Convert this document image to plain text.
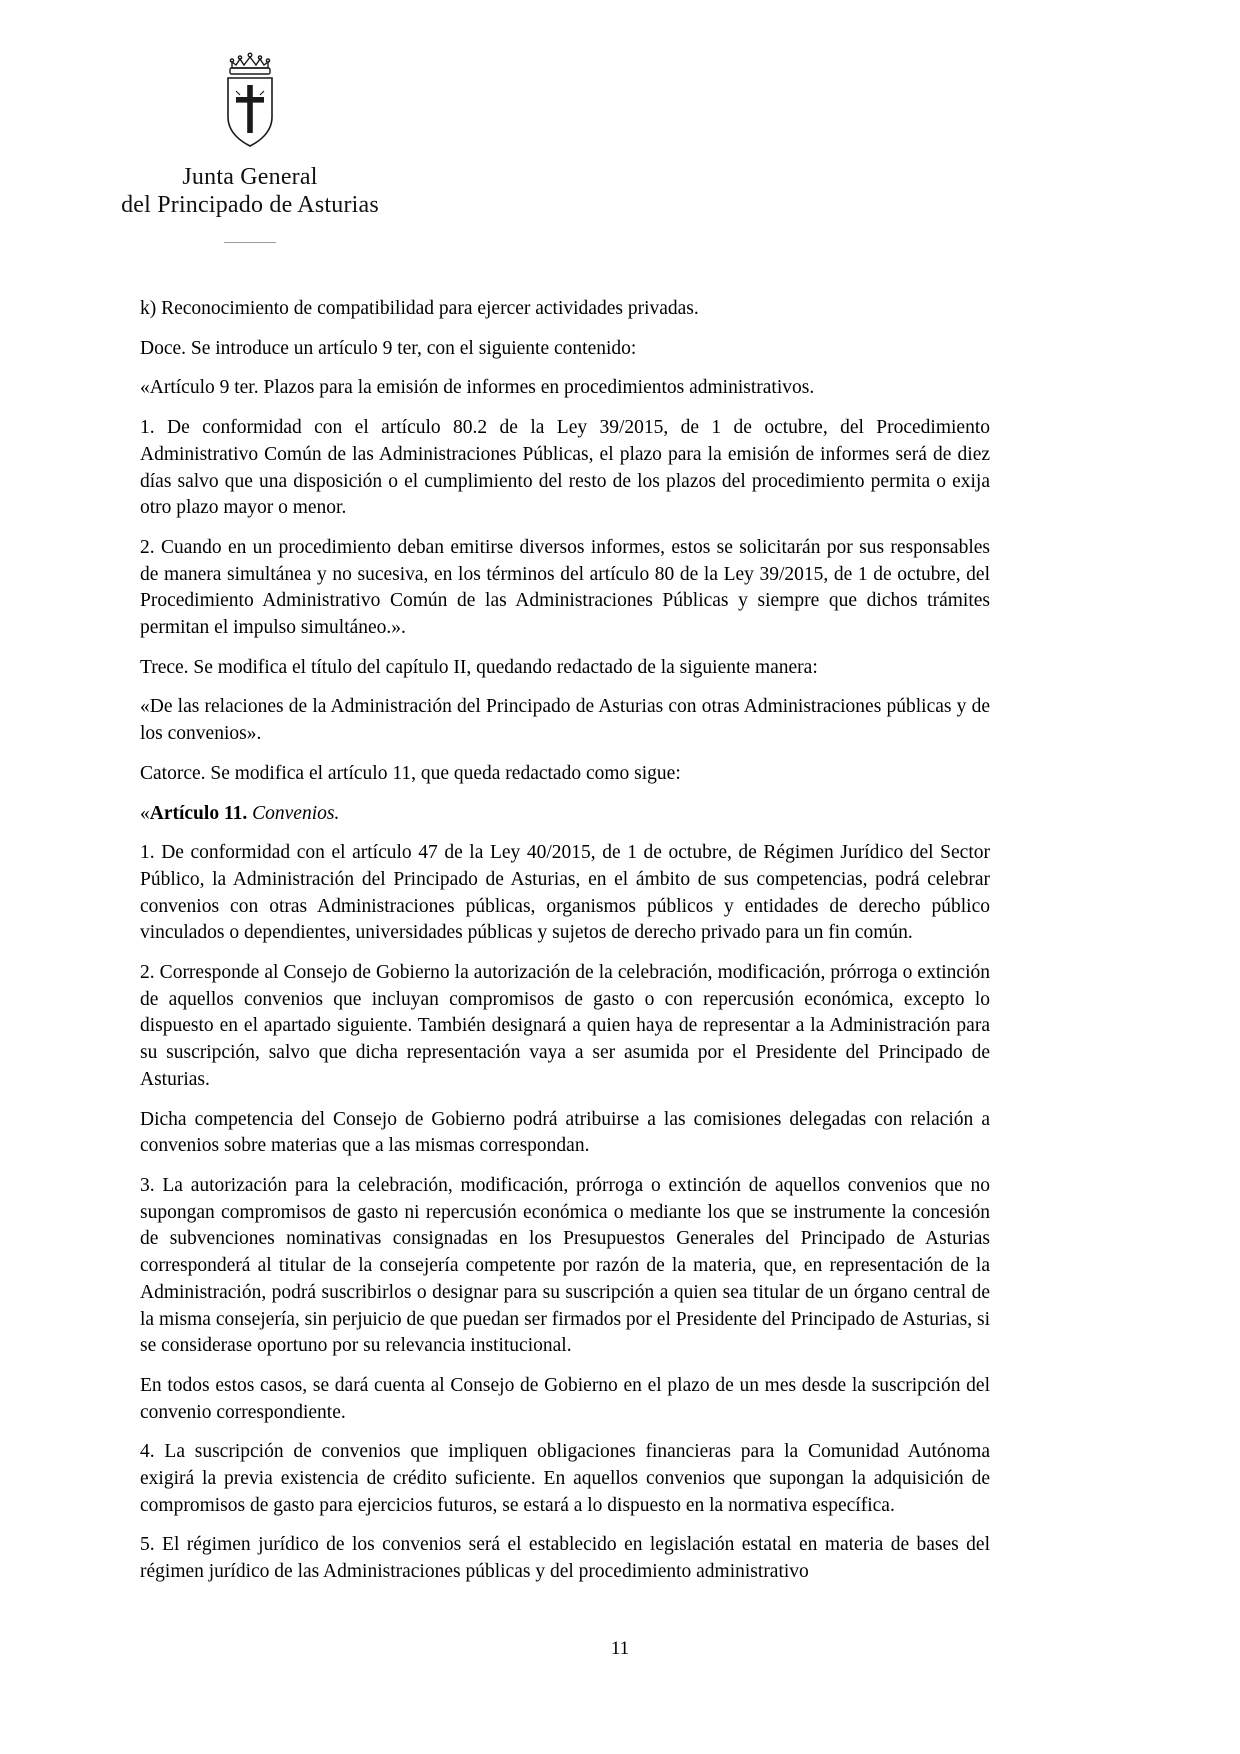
Junta General
del Principado de Asturias

k) Reconocimiento de compatibilidad para ejercer actividades privadas.

Doce. Se introduce un artículo 9 ter, con el siguiente contenido:

«Artículo 9 ter. Plazos para la emisión de informes en procedimientos administrativos.

1. De conformidad con el artículo 80.2 de la Ley 39/2015, de 1 de octubre, del Procedimiento Administrativo Común de las Administraciones Públicas, el plazo para la emisión de informes será de diez días salvo que una disposición o el cumplimiento del resto de los plazos del procedimiento permita o exija otro plazo mayor o menor.

2. Cuando en un procedimiento deban emitirse diversos informes, estos se solicitarán por sus responsables de manera simultánea y no sucesiva, en los términos del artículo 80 de la Ley 39/2015, de 1 de octubre, del Procedimiento Administrativo Común de las Administraciones Públicas y siempre que dichos trámites permitan el impulso simultáneo.».

Trece. Se modifica el título del capítulo II, quedando redactado de la siguiente manera:

«De las relaciones de la Administración del Principado de Asturias con otras Administraciones públicas y de los convenios».

Catorce. Se modifica el artículo 11, que queda redactado como sigue:

«Artículo 11. Convenios.

1. De conformidad con el artículo 47 de la Ley 40/2015, de 1 de octubre, de Régimen Jurídico del Sector Público, la Administración del Principado de Asturias, en el ámbito de sus competencias, podrá celebrar convenios con otras Administraciones públicas, organismos públicos y entidades de derecho público vinculados o dependientes, universidades públicas y sujetos de derecho privado para un fin común.

2. Corresponde al Consejo de Gobierno la autorización de la celebración, modificación, prórroga o extinción de aquellos convenios que incluyan compromisos de gasto o con repercusión económica, excepto lo dispuesto en el apartado siguiente. También designará a quien haya de representar a la Administración para su suscripción, salvo que dicha representación vaya a ser asumida por el Presidente del Principado de Asturias.

Dicha competencia del Consejo de Gobierno podrá atribuirse a las comisiones delegadas con relación a convenios sobre materias que a las mismas correspondan.

3. La autorización para la celebración, modificación, prórroga o extinción de aquellos convenios que no supongan compromisos de gasto ni repercusión económica o mediante los que se instrumente la concesión de subvenciones nominativas consignadas en los Presupuestos Generales del Principado de Asturias corresponderá al titular de la consejería competente por razón de la materia, que, en representación de la Administración, podrá suscribirlos o designar para su suscripción a quien sea titular de un órgano central de la misma consejería, sin perjuicio de que puedan ser firmados por el Presidente del Principado de Asturias, si se considerase oportuno por su relevancia institucional.

En todos estos casos, se dará cuenta al Consejo de Gobierno en el plazo de un mes desde la suscripción del convenio correspondiente.

4. La suscripción de convenios que impliquen obligaciones financieras para la Comunidad Autónoma exigirá la previa existencia de crédito suficiente. En aquellos convenios que supongan la adquisición de compromisos de gasto para ejercicios futuros, se estará a lo dispuesto en la normativa específica.

5. El régimen jurídico de los convenios será el establecido en legislación estatal en materia de bases del régimen jurídico de las Administraciones públicas y del procedimiento administrativo

11
